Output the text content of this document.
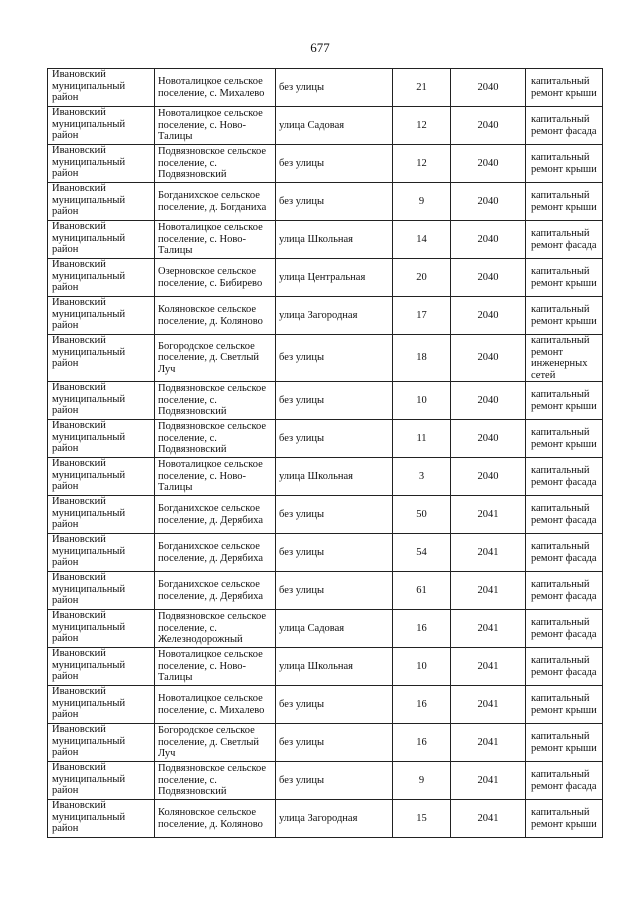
677
Ивановский муниципальный район	Новоталицкое сельское поселение, с. Михалево	без улицы	21	2040	капитальный ремонт крыши
Ивановский муниципальный район	Новоталицкое сельское поселение, с. Ново-Талицы	улица Садовая	12	2040	капитальный ремонт фасада
Ивановский муниципальный район	Подвязновское сельское поселение, с. Подвязновский	без улицы	12	2040	капитальный ремонт крыши
Ивановский муниципальный район	Богданихское сельское поселение, д. Богданиха	без улицы	9	2040	капитальный ремонт крыши
Ивановский муниципальный район	Новоталицкое сельское поселение, с. Ново-Талицы	улица Школьная	14	2040	капитальный ремонт фасада
Ивановский муниципальный район	Озерновское сельское поселение, с. Бибирево	улица Центральная	20	2040	капитальный ремонт крыши
Ивановский муниципальный район	Коляновское сельское поселение, д. Коляново	улица Загородная	17	2040	капитальный ремонт крыши
Ивановский муниципальный район	Богородское сельское поселение, д. Светлый Луч	без улицы	18	2040	капитальный ремонт инженерных сетей
Ивановский муниципальный район	Подвязновское сельское поселение, с. Подвязновский	без улицы	10	2040	капитальный ремонт крыши
Ивановский муниципальный район	Подвязновское сельское поселение, с. Подвязновский	без улицы	11	2040	капитальный ремонт крыши
Ивановский муниципальный район	Новоталицкое сельское поселение, с. Ново-Талицы	улица Школьная	3	2040	капитальный ремонт фасада
Ивановский муниципальный район	Богданихское сельское поселение, д. Дерябиха	без улицы	50	2041	капитальный ремонт фасада
Ивановский муниципальный район	Богданихское сельское поселение, д. Дерябиха	без улицы	54	2041	капитальный ремонт фасада
Ивановский муниципальный район	Богданихское сельское поселение, д. Дерябиха	без улицы	61	2041	капитальный ремонт фасада
Ивановский муниципальный район	Подвязновское сельское поселение, с. Железнодорожный	улица Садовая	16	2041	капитальный ремонт фасада
Ивановский муниципальный район	Новоталицкое сельское поселение, с. Ново-Талицы	улица Школьная	10	2041	капитальный ремонт фасада
Ивановский муниципальный район	Новоталицкое сельское поселение, с. Михалево	без улицы	16	2041	капитальный ремонт крыши
Ивановский муниципальный район	Богородское сельское поселение, д. Светлый Луч	без улицы	16	2041	капитальный ремонт крыши
Ивановский муниципальный район	Подвязновское сельское поселение, с. Подвязновский	без улицы	9	2041	капитальный ремонт фасада
Ивановский муниципальный район	Коляновское сельское поселение, д. Коляново	улица Загородная	15	2041	капитальный ремонт крыши
